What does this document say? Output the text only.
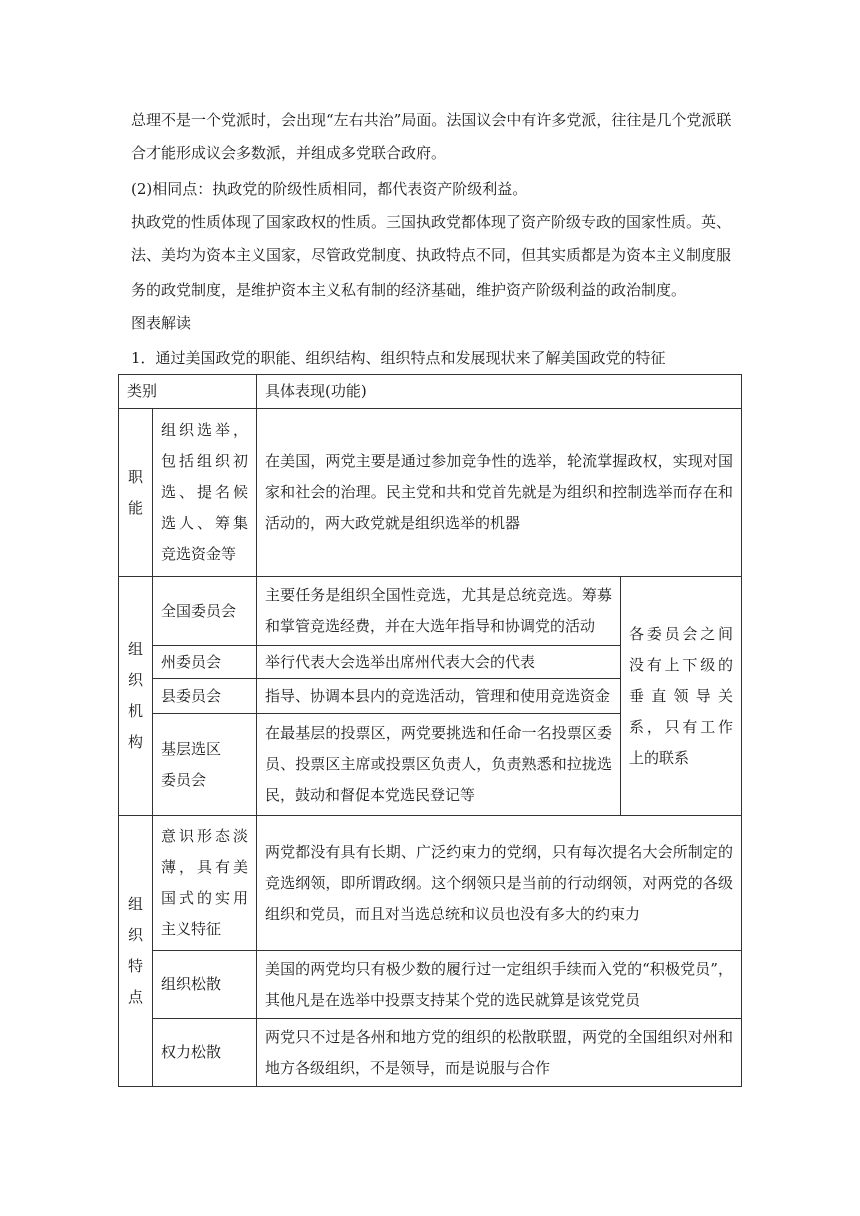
总理不是一个党派时，会出现“左右共治”局面。法国议会中有许多党派，往往是几个党派联
合才能形成议会多数派，并组成多党联合政府。
(2)相同点：执政党的阶级性质相同，都代表资产阶级利益。
执政党的性质体现了国家政权的性质。三国执政党都体现了资产阶级专政的国家性质。英、
法、美均为资本主义国家，尽管政党制度、执政特点不同，但其实质都是为资本主义制度服
务的政党制度，是维护资本主义私有制的经济基础，维护资产阶级利益的政治制度。
图表解读
1．通过美国政党的职能、组织结构、组织特点和发展现状来了解美国政党的特征
类别		具体表现(功能)	

职能	组织选举，包括组织初选、提名候选人、筹集竞选资金等	在美国，两党主要是通过参加竞争性的选举，轮流掌握政权，实现对国家和社会的治理。民主党和共和党首先就是为组织和控制选举而存在和活动的，两大政党就是组织选举的机器	

组织机构	全国委员会	主要任务是组织全国性竞选，尤其是总统竞选。筹募和掌管竞选经费，并在大选年指导和协调党的活动	各委员会之间没有上下级的垂直领导关系，只有工作上的联系
	州委员会	举行代表大会选举出席州代表大会的代表	
	县委员会	指导、协调本县内的竞选活动，管理和使用竞选资金	
	基层选区委员会	在最基层的投票区，两党要挑选和任命一名投票区委员、投票区主席或投票区负责人，负责熟悉和拉拢选民，鼓动和督促本党选民登记等	

组织特点	意识形态淡薄，具有美国式的实用主义特征	两党都没有具有长期、广泛约束力的党纲，只有每次提名大会所制定的竞选纲领，即所谓政纲。这个纲领只是当前的行动纲领，对两党的各级组织和党员，而且对当选总统和议员也没有多大的约束力	
	组织松散	美国的两党均只有极少数的履行过一定组织手续而入党的“积极党员”，其他凡是在选举中投票支持某个党的选民就算是该党党员	
	权力松散	两党只不过是各州和地方党的组织的松散联盟，两党的全国组织对州和地方各级组织，不是领导，而是说服与合作	
